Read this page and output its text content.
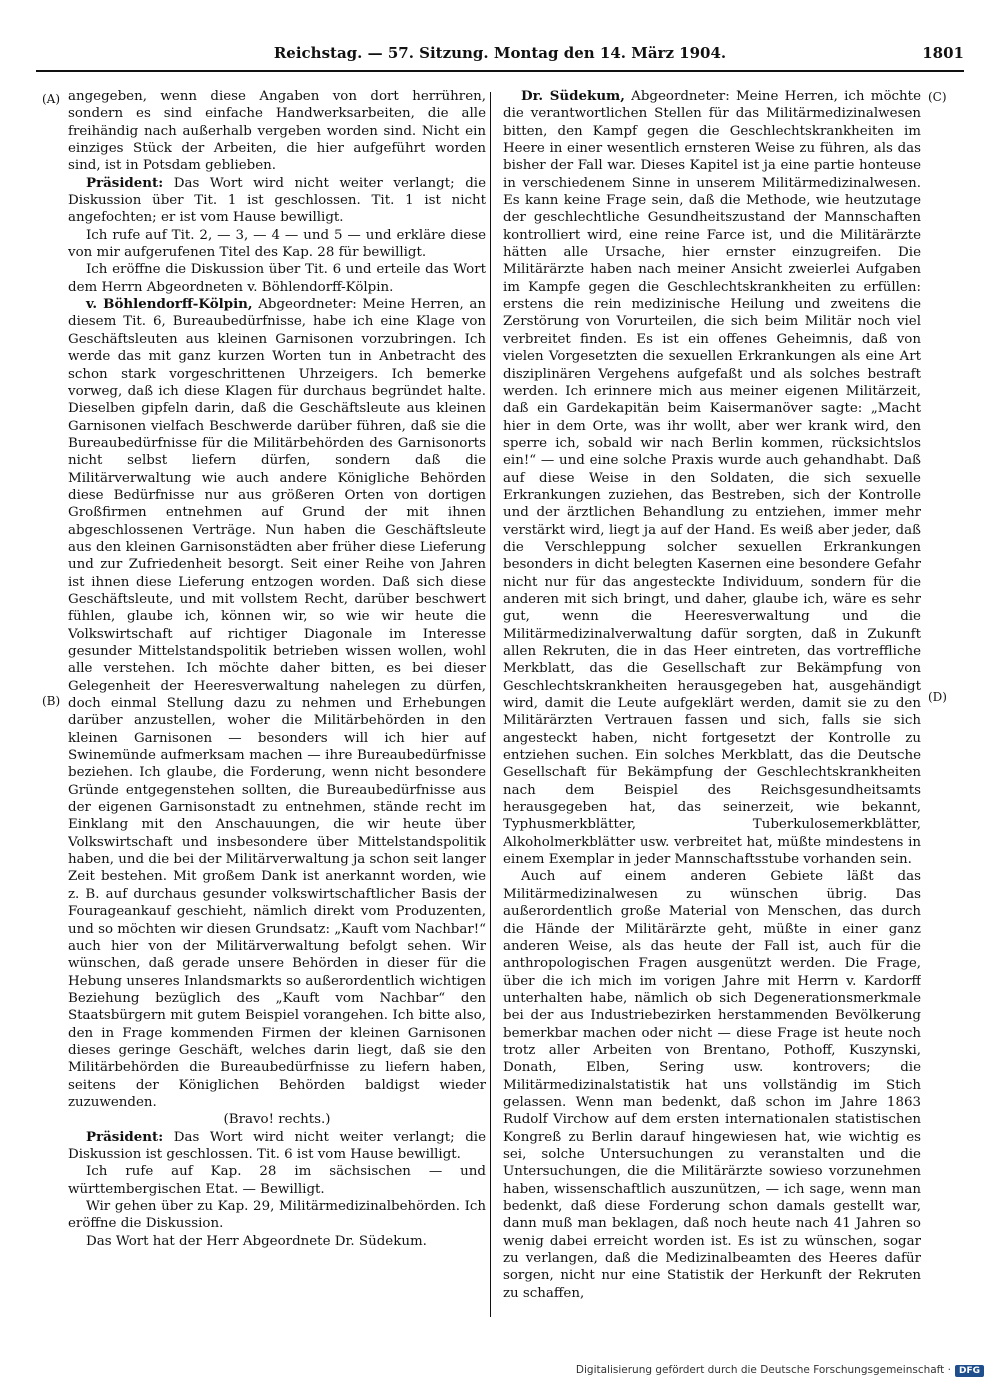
Reichstag. — 57. Sitzung. Montag den 14. März 1904.	1801
(A)
(B)
(C)
(D)

angegeben, wenn diese Angaben von dort herrühren, sondern es sind einfache Handwerksarbeiten, die alle freihändig nach außerhalb vergeben worden sind. Nicht ein einziges Stück der Arbeiten, die hier aufgeführt worden sind, ist in Potsdam geblieben.

Präsident: Das Wort wird nicht weiter verlangt; die Diskussion über Tit. 1 ist geschlossen. Tit. 1 ist nicht angefochten; er ist vom Hause bewilligt.

Ich rufe auf Tit. 2, — 3, — 4 — und 5 — und erkläre diese von mir aufgerufenen Titel des Kap. 28 für bewilligt.

Ich eröffne die Diskussion über Tit. 6 und erteile das Wort dem Herrn Abgeordneten v. Böhlendorff-Kölpin.

v. Böhlendorff-Kölpin, Abgeordneter: Meine Herren, an diesem Tit. 6, Bureaubedürfnisse, habe ich eine Klage von Geschäftsleuten aus kleinen Garnisonen vorzubringen. Ich werde das mit ganz kurzen Worten tun in Anbetracht des schon stark vorgeschrittenen Uhrzeigers. Ich bemerke vorweg, daß ich diese Klagen für durchaus begründet halte. Dieselben gipfeln darin, daß die Geschäftsleute aus kleinen Garnisonen vielfach Beschwerde darüber führen, daß sie die Bureaubedürfnisse für die Militärbehörden des Garnisonorts nicht selbst liefern dürfen, sondern daß die Militärverwaltung wie auch andere Königliche Behörden diese Bedürfnisse nur aus größeren Orten von dortigen Großfirmen entnehmen auf Grund der mit ihnen abgeschlossenen Verträge. Nun haben die Geschäftsleute aus den kleinen Garnisonstädten aber früher diese Lieferung und zur Zufriedenheit besorgt. Seit einer Reihe von Jahren ist ihnen diese Lieferung entzogen worden. Daß sich diese Geschäftsleute, und mit vollstem Recht, darüber beschwert fühlen, glaube ich, können wir, so wie wir heute die Volkswirtschaft auf richtiger Diagonale im Interesse gesunder Mittelstandspolitik betrieben wissen wollen, wohl alle verstehen. Ich möchte daher bitten, es bei dieser Gelegenheit der Heeresverwaltung nahelegen zu dürfen, doch einmal Stellung dazu zu nehmen und Erhebungen darüber anzustellen, woher die Militärbehörden in den kleinen Garnisonen — besonders will ich hier auf Swinemünde aufmerksam machen — ihre Bureaubedürfnisse beziehen. Ich glaube, die Forderung, wenn nicht besondere Gründe entgegenstehen sollten, die Bureaubedürfnisse aus der eigenen Garnisonstadt zu entnehmen, stände recht im Einklang mit den Anschauungen, die wir heute über Volkswirtschaft und insbesondere über Mittelstandspolitik haben, und die bei der Militärverwaltung ja schon seit langer Zeit bestehen. Mit großem Dank ist anerkannt worden, wie z. B. auf durchaus gesunder volkswirtschaftlicher Basis der Fourageankauf geschieht, nämlich direkt vom Produzenten, und so möchten wir diesen Grundsatz: „Kauft vom Nachbar!“ auch hier von der Militärverwaltung befolgt sehen. Wir wünschen, daß gerade unsere Behörden in dieser für die Hebung unseres Inlandsmarkts so außerordentlich wichtigen Beziehung bezüglich des „Kauft vom Nachbar“ den Staatsbürgern mit gutem Beispiel vorangehen. Ich bitte also, den in Frage kommenden Firmen der kleinen Garnisonen dieses geringe Geschäft, welches darin liegt, daß sie den Militärbehörden die Bureaubedürfnisse zu liefern haben, seitens der Königlichen Behörden baldigst wieder zuzuwenden.

(Bravo! rechts.)

Präsident: Das Wort wird nicht weiter verlangt; die Diskussion ist geschlossen. Tit. 6 ist vom Hause bewilligt.

Ich rufe auf Kap. 28 im sächsischen — und württembergischen Etat. — Bewilligt.

Wir gehen über zu Kap. 29, Militärmedizinalbehörden. Ich eröffne die Diskussion.

Das Wort hat der Herr Abgeordnete Dr. Südekum.

Dr. Südekum, Abgeordneter: Meine Herren, ich möchte die verantwortlichen Stellen für das Militärmedizinalwesen bitten, den Kampf gegen die Geschlechtskrankheiten im Heere in einer wesentlich ernsteren Weise zu führen, als das bisher der Fall war. Dieses Kapitel ist ja eine partie honteuse in verschiedenem Sinne in unserem Militärmedizinalwesen. Es kann keine Frage sein, daß die Methode, wie heutzutage der geschlechtliche Gesundheitszustand der Mannschaften kontrolliert wird, eine reine Farce ist, und die Militärärzte hätten alle Ursache, hier ernster einzugreifen. Die Militärärzte haben nach meiner Ansicht zweierlei Aufgaben im Kampfe gegen die Geschlechtskrankheiten zu erfüllen: erstens die rein medizinische Heilung und zweitens die Zerstörung von Vorurteilen, die sich beim Militär noch viel verbreitet finden. Es ist ein offenes Geheimnis, daß von vielen Vorgesetzten die sexuellen Erkrankungen als eine Art disziplinären Vergehens aufgefaßt und als solches bestraft werden. Ich erinnere mich aus meiner eigenen Militärzeit, daß ein Gardekapitän beim Kaisermanöver sagte: „Macht hier in dem Orte, was ihr wollt, aber wer krank wird, den sperre ich, sobald wir nach Berlin kommen, rücksichtslos ein!“ — und eine solche Praxis wurde auch gehandhabt. Daß auf diese Weise in den Soldaten, die sich sexuelle Erkrankungen zuziehen, das Bestreben, sich der Kontrolle und der ärztlichen Behandlung zu entziehen, immer mehr verstärkt wird, liegt ja auf der Hand. Es weiß aber jeder, daß die Verschleppung solcher sexuellen Erkrankungen besonders in dicht belegten Kasernen eine besondere Gefahr nicht nur für das angesteckte Individuum, sondern für die anderen mit sich bringt, und daher, glaube ich, wäre es sehr gut, wenn die Heeresverwaltung und die Militärmedizinalverwaltung dafür sorgten, daß in Zukunft allen Rekruten, die in das Heer eintreten, das vortreffliche Merkblatt, das die Gesellschaft zur Bekämpfung von Geschlechtskrankheiten herausgegeben hat, ausgehändigt wird, damit die Leute aufgeklärt werden, damit sie zu den Militärärzten Vertrauen fassen und sich, falls sie sich angesteckt haben, nicht fortgesetzt der Kontrolle zu entziehen suchen. Ein solches Merkblatt, das die Deutsche Gesellschaft für Bekämpfung der Geschlechtskrankheiten nach dem Beispiel des Reichsgesundheitsamts herausgegeben hat, das seinerzeit, wie bekannt, Typhusmerkblätter, Tuberkulosemerkblätter, Alkoholmerkblätter usw. verbreitet hat, müßte mindestens in einem Exemplar in jeder Mannschaftsstube vorhanden sein.

Auch auf einem anderen Gebiete läßt das Militärmedizinalwesen zu wünschen übrig. Das außerordentlich große Material von Menschen, das durch die Hände der Militärärzte geht, müßte in einer ganz anderen Weise, als das heute der Fall ist, auch für die anthropologischen Fragen ausgenützt werden. Die Frage, über die ich mich im vorigen Jahre mit Herrn v. Kardorff unterhalten habe, nämlich ob sich Degenerationsmerkmale bei der aus Industriebezirken herstammenden Bevölkerung bemerkbar machen oder nicht — diese Frage ist heute noch trotz aller Arbeiten von Brentano, Pothoff, Kuszynski, Donath, Elben, Sering usw. kontrovers; die Militärmedizinalstatistik hat uns vollständig im Stich gelassen. Wenn man bedenkt, daß schon im Jahre 1863 Rudolf Virchow auf dem ersten internationalen statistischen Kongreß zu Berlin darauf hingewiesen hat, wie wichtig es sei, solche Untersuchungen zu veranstalten und die Untersuchungen, die die Militärärzte sowieso vorzunehmen haben, wissenschaftlich auszunützen, — ich sage, wenn man bedenkt, daß diese Forderung schon damals gestellt war, dann muß man beklagen, daß noch heute nach 41 Jahren so wenig dabei erreicht worden ist. Es ist zu wünschen, sogar zu verlangen, daß die Medizinalbeamten des Heeres dafür sorgen, nicht nur eine Statistik der Herkunft der Rekruten zu schaffen,

Digitalisierung gefördert durch die Deutsche Forschungsgemeinschaft · DFG
